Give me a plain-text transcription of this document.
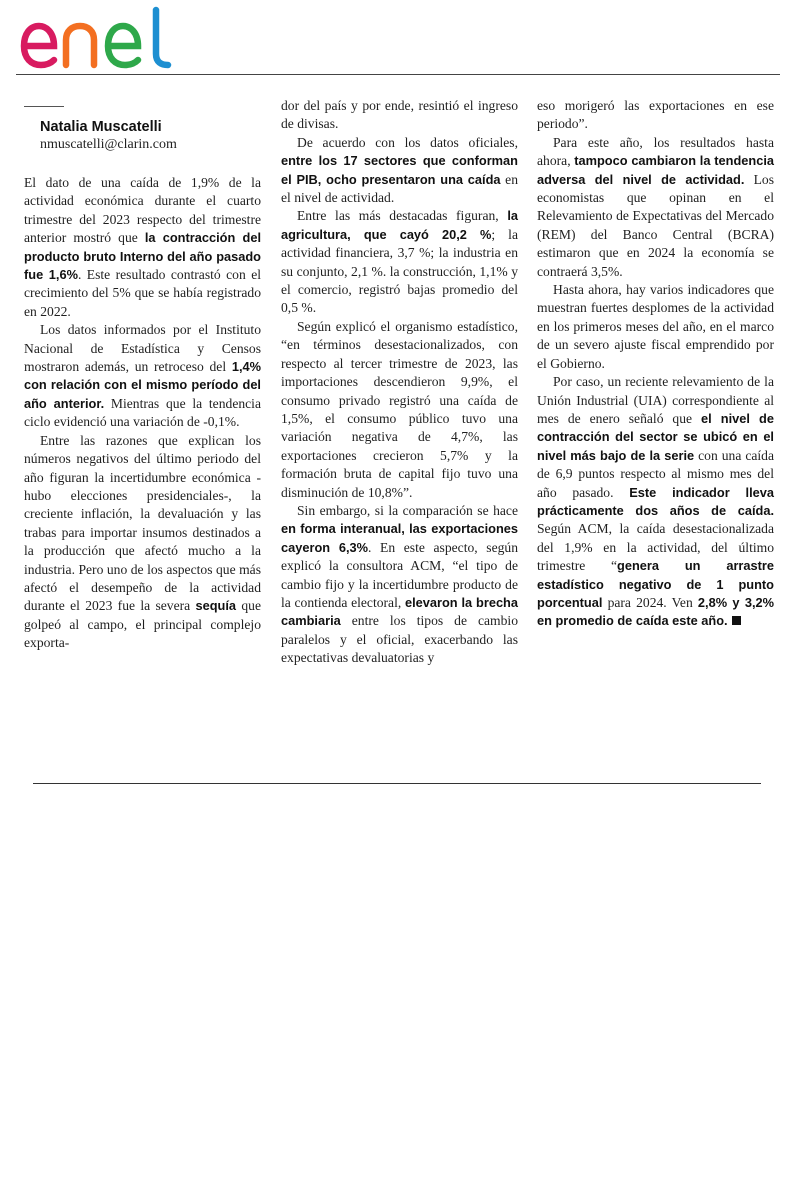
Natalia Muscatelli

nmuscatelli@clarin.com

El dato de una caída de 1,9% de la actividad económica durante el cuarto trimestre del 2023 respecto del trimestre anterior mostró que la contracción del producto bruto Interno del año pasado fue 1,6%. Este resultado contrastó con el crecimiento del 5% que se había registrado en 2022.

Los datos informados por el Instituto Nacional de Estadística y Censos mostraron además, un retroceso del 1,4% con relación con el mismo período del año anterior. Mientras que la tendencia ciclo evidenció una variación de -0,1%.

Entre las razones que explican los números negativos del último periodo del año figuran la incertidumbre económica -hubo elecciones presidenciales-, la creciente inflación, la devaluación y las trabas para importar insumos destinados a la producción que afectó mucho a la industria. Pero uno de los aspectos que más afectó el desempeño de la actividad durante el 2023 fue la severa sequía que golpeó al campo, el principal complejo exporta-

dor del país y por ende, resintió el ingreso de divisas.

De acuerdo con los datos oficiales, entre los 17 sectores que conforman el PIB, ocho presentaron una caída en el nivel de actividad.

Entre las más destacadas figuran, la agricultura, que cayó 20,2 %; la actividad financiera, 3,7 %; la industria en su conjunto, 2,1 %. la construcción, 1,1% y el comercio, registró bajas promedio del 0,5 %.

Según explicó el organismo estadístico, “en términos desestacionalizados, con respecto al tercer trimestre de 2023, las importaciones descendieron 9,9%, el consumo privado registró una caída de 1,5%, el consumo público tuvo una variación negativa de 4,7%, las exportaciones crecieron 5,7% y la formación bruta de capital fijo tuvo una disminución de 10,8%”.

Sin embargo, si la comparación se hace en forma interanual, las exportaciones cayeron 6,3%. En este aspecto, según explicó la consultora ACM, “el tipo de cambio fijo y la incertidumbre producto de la contienda electoral, elevaron la brecha cambiaria entre los tipos de cambio paralelos y el oficial, exacerbando las expectativas devaluatorias y

eso morigeró las exportaciones en ese periodo”.

Para este año, los resultados hasta ahora, tampoco cambiaron la tendencia adversa del nivel de actividad. Los economistas que opinan en el Relevamiento de Expectativas del Mercado (REM) del Banco Central (BCRA) estimaron que en 2024 la economía se contraerá 3,5%.

Hasta ahora, hay varios indicadores que muestran fuertes desplomes de la actividad en los primeros meses del año, en el marco de un severo ajuste fiscal emprendido por el Gobierno.

Por caso, un reciente relevamiento de la Unión Industrial (UIA) correspondiente al mes de enero señaló que el nivel de contracción del sector se ubicó en el nivel más bajo de la serie con una caída de 6,9 puntos respecto al mismo mes del año pasado. Este indicador lleva prácticamente dos años de caída. Según ACM, la caída desestacionalizada del 1,9% en la actividad, del último trimestre “genera un arrastre estadístico negativo de 1 punto porcentual para 2024. Ven 2,8% y 3,2% en promedio de caída este año.
